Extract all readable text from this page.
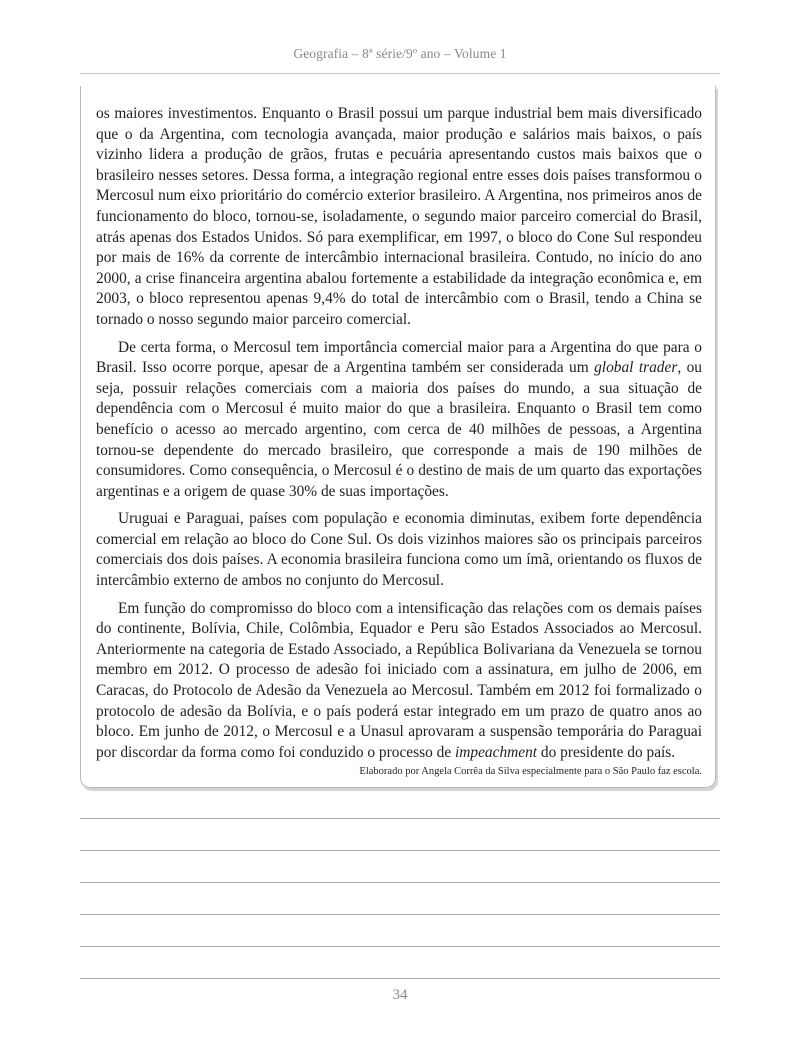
Geografia – 8ª série/9º ano – Volume 1

os maiores investimentos. Enquanto o Brasil possui um parque industrial bem mais diversificado que o da Argentina, com tecnologia avançada, maior produção e salários mais baixos, o país vizinho lidera a produção de grãos, frutas e pecuária apresentando custos mais baixos que o brasileiro nesses setores. Dessa forma, a integração regional entre esses dois países transformou o Mercosul num eixo prioritário do comércio exterior brasileiro. A Argentina, nos primeiros anos de funcionamento do bloco, tornou-se, isoladamente, o segundo maior parceiro comercial do Brasil, atrás apenas dos Estados Unidos. Só para exemplificar, em 1997, o bloco do Cone Sul respondeu por mais de 16% da corrente de intercâmbio internacional brasileira. Contudo, no início do ano 2000, a crise financeira argentina abalou fortemente a estabilidade da integração econômica e, em 2003, o bloco representou apenas 9,4% do total de intercâmbio com o Brasil, tendo a China se tornado o nosso segundo maior parceiro comercial.

De certa forma, o Mercosul tem importância comercial maior para a Argentina do que para o Brasil. Isso ocorre porque, apesar de a Argentina também ser considerada um global trader, ou seja, possuir relações comerciais com a maioria dos países do mundo, a sua situação de dependência com o Mercosul é muito maior do que a brasileira. Enquanto o Brasil tem como benefício o acesso ao mercado argentino, com cerca de 40 milhões de pessoas, a Argentina tornou-se dependente do mercado brasileiro, que corresponde a mais de 190 milhões de consumidores. Como consequência, o Mercosul é o destino de mais de um quarto das exportações argentinas e a origem de quase 30% de suas importações.

Uruguai e Paraguai, países com população e economia diminutas, exibem forte dependência comercial em relação ao bloco do Cone Sul. Os dois vizinhos maiores são os principais parceiros comerciais dos dois países. A economia brasileira funciona como um ímã, orientando os fluxos de intercâmbio externo de ambos no conjunto do Mercosul.

Em função do compromisso do bloco com a intensificação das relações com os demais países do continente, Bolívia, Chile, Colômbia, Equador e Peru são Estados Associados ao Mercosul. Anteriormente na categoria de Estado Associado, a República Bolivariana da Venezuela se tornou membro em 2012. O processo de adesão foi iniciado com a assinatura, em julho de 2006, em Caracas, do Protocolo de Adesão da Venezuela ao Mercosul. Também em 2012 foi formalizado o protocolo de adesão da Bolívia, e o país poderá estar integrado em um prazo de quatro anos ao bloco. Em junho de 2012, o Mercosul e a Unasul aprovaram a suspensão temporária do Paraguai por discordar da forma como foi conduzido o processo de impeachment do presidente do país.

Elaborado por Angela Corrêa da Silva especialmente para o São Paulo faz escola.
34
